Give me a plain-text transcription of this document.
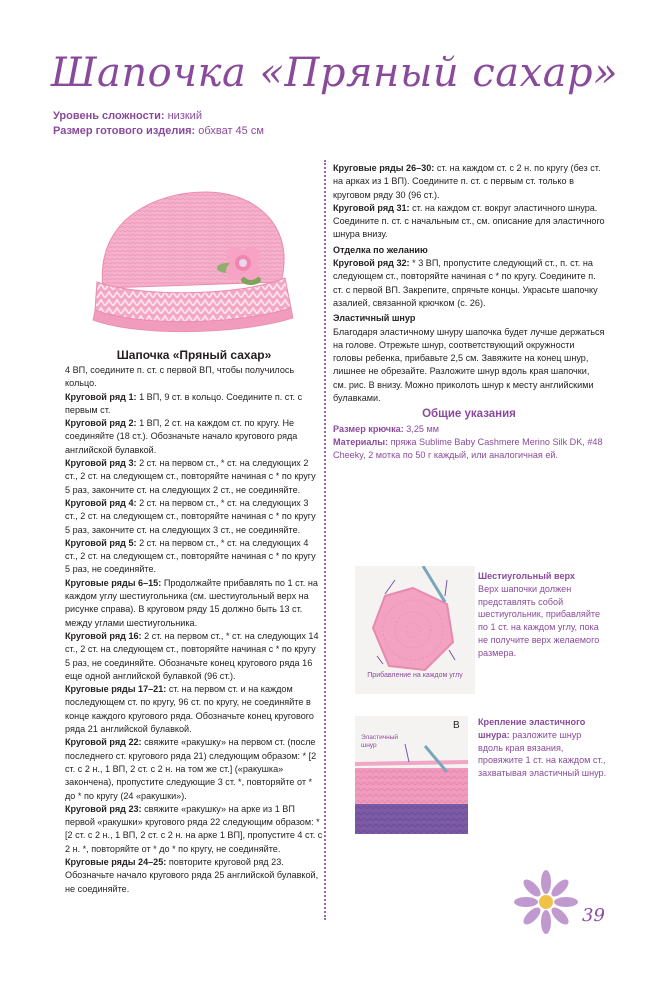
Шапочка «Пряный сахар»
Уровень сложности: низкий
Размер готового изделия: обхват 45 см
Шапочка «Пряный сахар»

4 ВП, соедините п. ст. с первой ВП, чтобы получилось кольцо.

Круговой ряд 1: 1 ВП, 9 ст. в кольцо. Соедините п. ст. с первым ст.

Круговой ряд 2: 1 ВП, 2 ст. на каждом ст. по кругу. Не соединяйте (18 ст.). Обозначьте начало кругового ряда английской булавкой.

Круговой ряд 3: 2 ст. на первом ст., * ст. на следующих 2 ст., 2 ст. на следующем ст., повторяйте начиная с * по кругу 5 раз, закончите ст. на следующих 2 ст., не соединяйте.

Круговой ряд 4: 2 ст. на первом ст., * ст. на следующих 3 ст., 2 ст. на следующем ст., повторяйте начиная с * по кругу 5 раз, закончите ст. на следующих 3 ст., не соединяйте.

Круговой ряд 5: 2 ст. на первом ст., * ст. на следующих 4 ст., 2 ст. на следующем ст., повторяйте начиная с * по кругу 5 раз, не соединяйте.

Круговые ряды 6–15: Продолжайте прибавлять по 1 ст. на каждом углу шестиугольника (см. шестиугольный верх на рисунке справа). В круговом ряду 15 должно быть 13 ст. между углами шестиугольника.

Круговой ряд 16: 2 ст. на первом ст., * ст. на следующих 14 ст., 2 ст. на следующем ст., повторяйте начиная с * по кругу 5 раз, не соединяйте. Обозначьте конец кругового ряда 16 еще одной английской булавкой (96 ст.).

Круговые ряды 17–21: ст. на первом ст. и на каждом последующем ст. по кругу, 96 ст. по кругу, не соединяйте в конце каждого кругового ряда. Обозначьте конец кругового ряда 21 английской булавкой.

Круговой ряд 22: свяжите «ракушку» на первом ст. (после последнего ст. кругового ряда 21) следующим образом: * [2 ст. с 2 н., 1 ВП, 2 ст. с 2 н. на том же ст.] («ракушка» закончена), пропустите следующие 3 ст. *, повторяйте от * до * по кругу (24 «ракушки»).

Круговой ряд 23: свяжите «ракушку» на арке из 1 ВП первой «ракушки» кругового ряда 22 следующим образом: * [2 ст. с 2 н., 1 ВП, 2 ст. с 2 н. на арке 1 ВП], пропустите 4 ст. с 2 н. *, повторяйте от * до * по кругу, не соединяйте.

Круговые ряды 24–25: повторите круговой ряд 23. Обозначьте начало кругового ряда 25 английской булавкой, не соединяйте.

Круговые ряды 26–30: ст. на каждом ст. с 2 н. по кругу (без ст. на арках из 1 ВП). Соедините п. ст. с первым ст. только в круговом ряду 30 (96 ст.).

Круговой ряд 31: ст. на каждом ст. вокруг эластичного шнура. Соедините п. ст. с начальным ст., см. описание для эластичного шнура внизу.

Отделка по желанию

Круговой ряд 32: * 3 ВП, пропустите следующий ст., п. ст. на следующем ст., повторяйте начиная с * по кругу. Соедините п. ст. с первой ВП. Закрепите, спрячьте концы. Украсьте шапочку азалией, связанной крючком (с. 26).

Эластичный шнур

Благодаря эластичному шнуру шапочка будет лучше держаться на голове. Отрежьте шнур, соответствующий окружности головы ребенка, прибавьте 2,5 см. Завяжите на конец шнур, лишнее не обрезайте. Разложите шнур вдоль края шапочки, см. рис. В внизу. Можно приколоть шнур к месту английскими булавками.

Общие указания

Размер крючка: 3,25 мм

Материалы: пряжа Sublime Baby Cashmere Merino Silk DK, #48 Cheeky, 2 мотка по 50 г каждый, или аналогичная ей.

Прибавление на каждом углу
Шестиугольный верх
Верх шапочки должен представлять собой шестиугольник, прибавляйте по 1 ст. на каждом углу, пока не получите верх желаемого размера.
B
Эластичный шнур
Крепление эластичного шнура: разложите шнур вдоль края вязания, провяжите 1 ст. на каждом ст., захватывая эластичный шнур.
39
